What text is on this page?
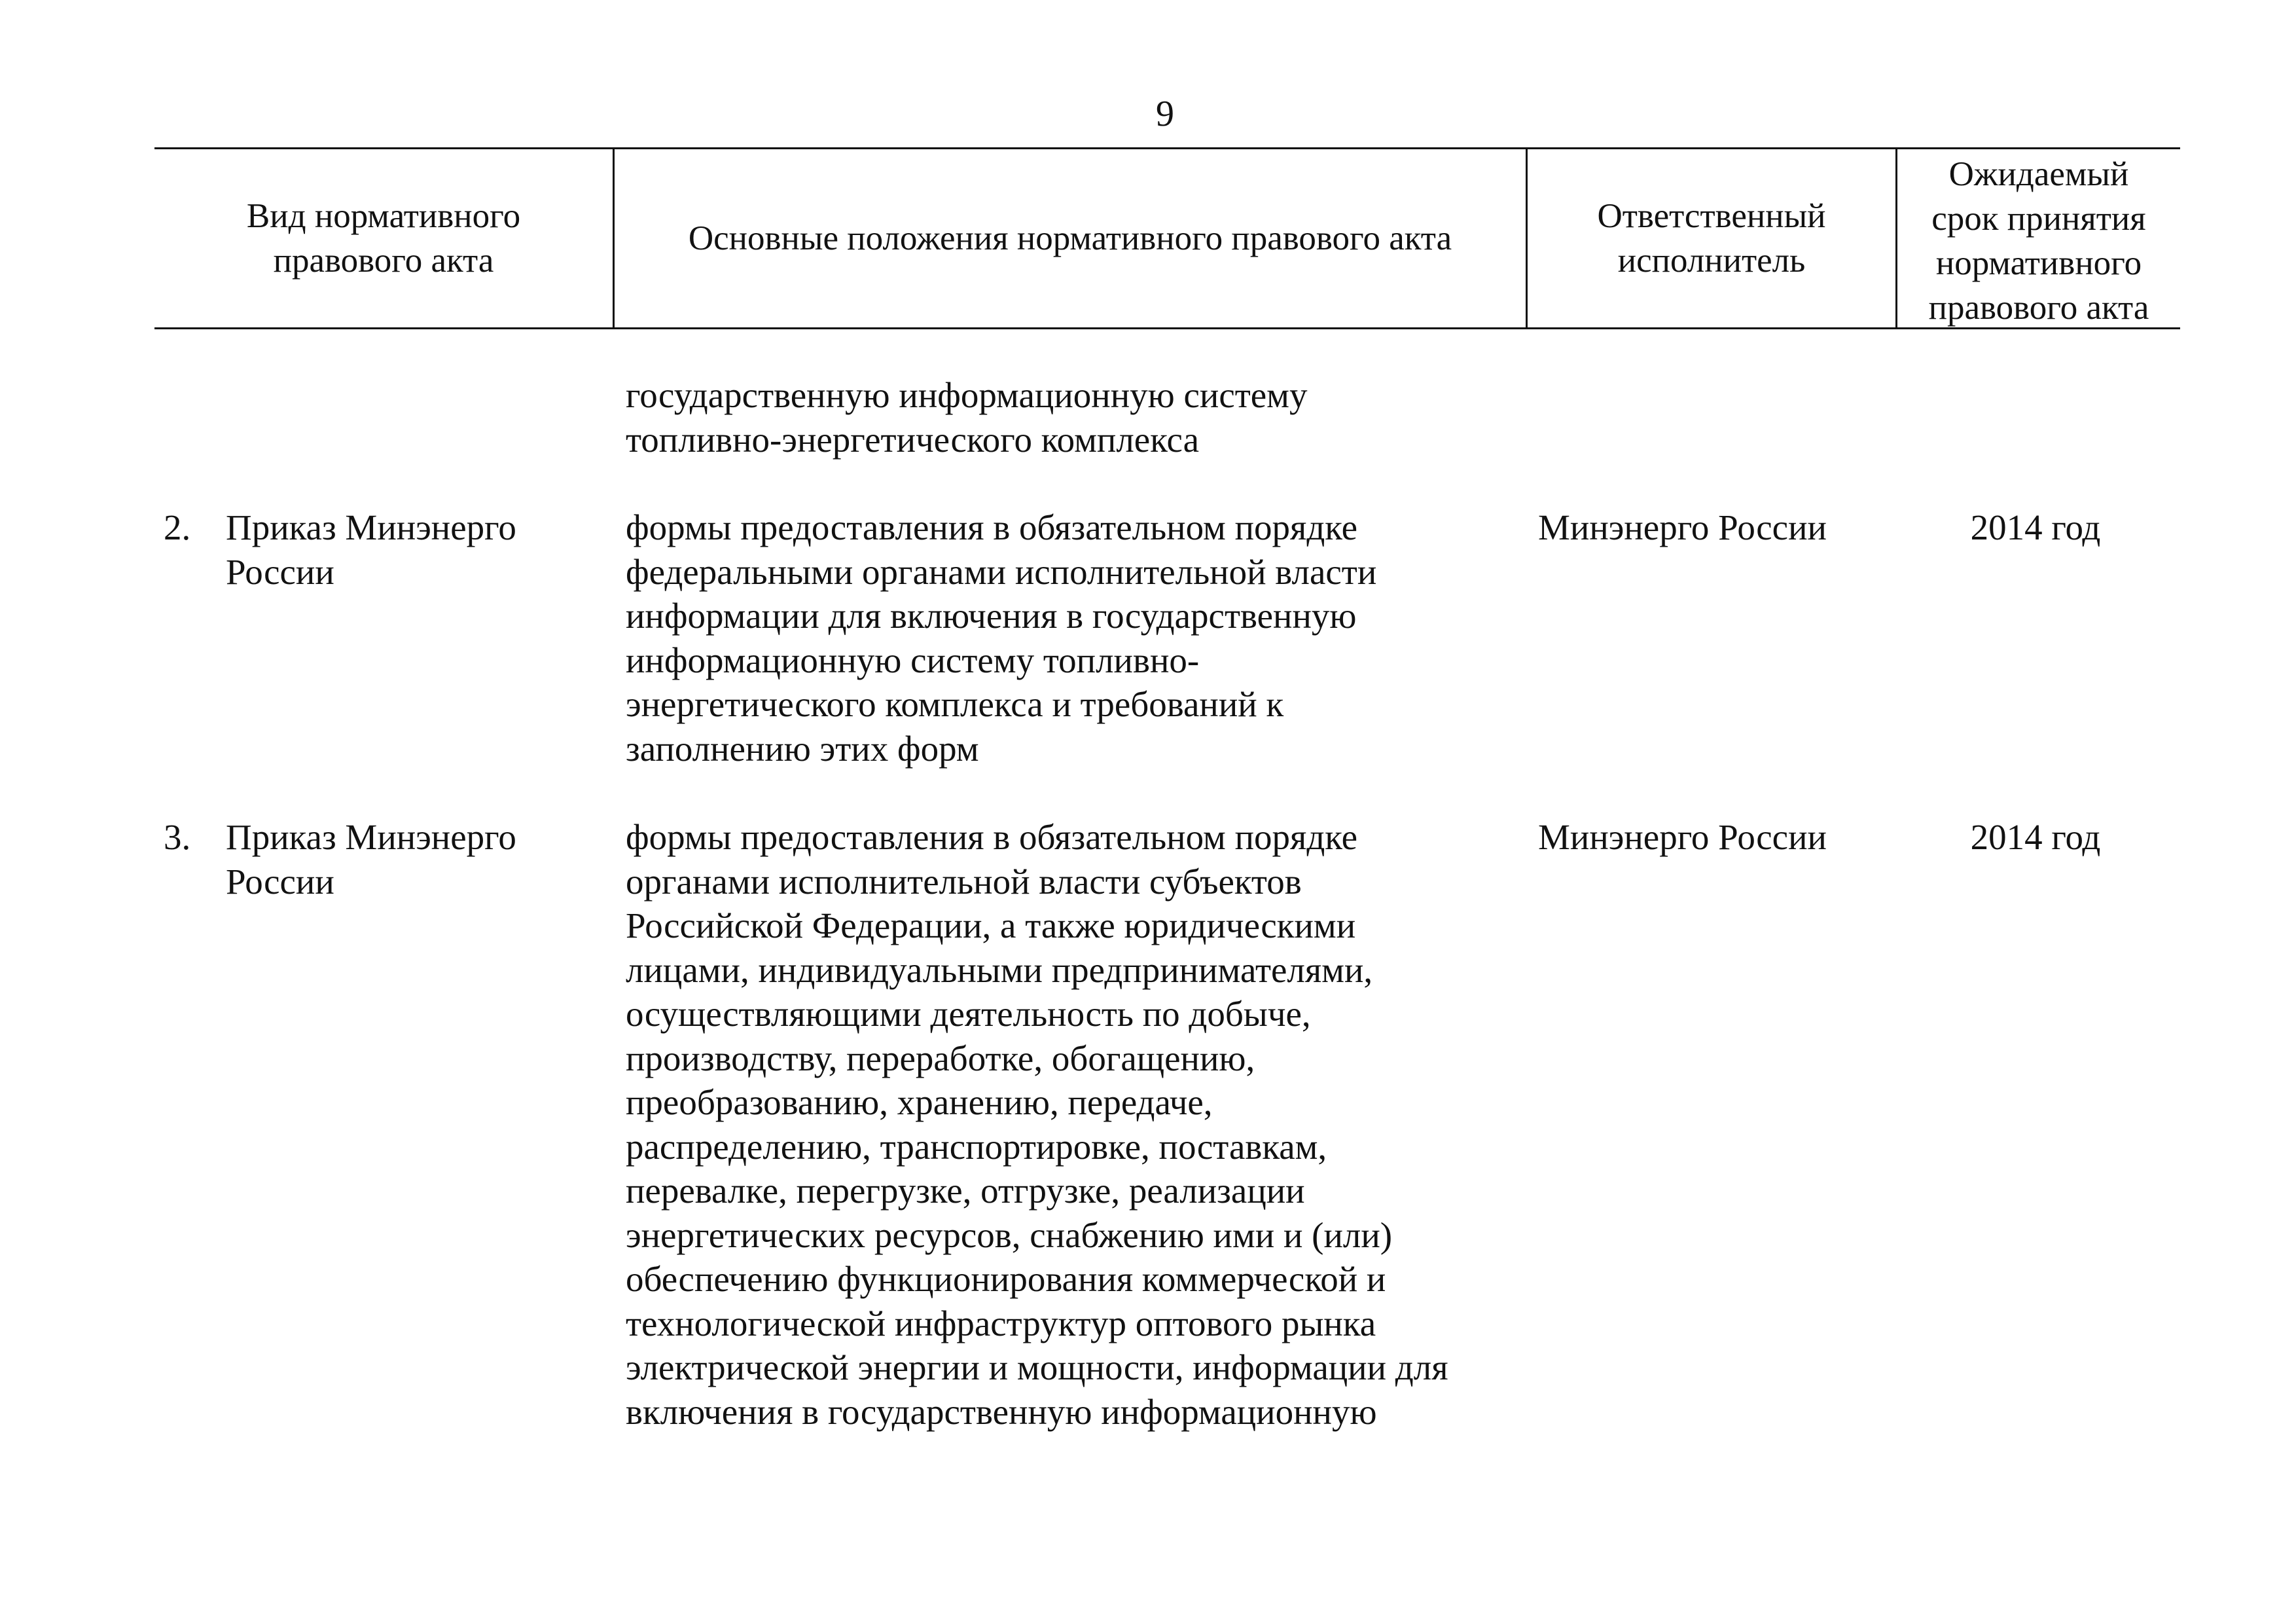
9
Вид нормативного
правового акта
Основные положения нормативного правового акта
Ответственный
исполнитель
Ожидаемый
срок принятия
нормативного
правового акта
государственную информационную систему
топливно-энергетического комплекса
2. Приказ Минэнерго
России
формы предоставления в обязательном порядке
федеральными органами исполнительной власти
информации для включения в государственную
информационную систему топливно-
энергетического комплекса и требований к
заполнению этих форм
Минэнерго России	2014 год
3. Приказ Минэнерго
России
формы предоставления в обязательном порядке
органами исполнительной власти субъектов
Российской Федерации, а также юридическими
лицами, индивидуальными предпринимателями,
осуществляющими деятельность по добыче,
производству, переработке, обогащению,
преобразованию, хранению, передаче,
распределению, транспортировке, поставкам,
перевалке, перегрузке, отгрузке, реализации
энергетических ресурсов, снабжению ими и (или)
обеспечению функционирования коммерческой и
технологической инфраструктур оптового рынка
электрической энергии и мощности, информации для
включения в государственную информационную
Минэнерго России	2014 год
